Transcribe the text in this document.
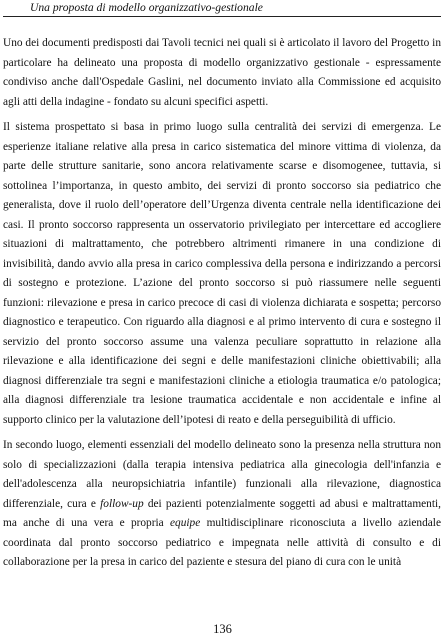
Una proposta di modello organizzativo-gestionale

Uno dei documenti predisposti dai Tavoli tecnici nei quali si è articolato il lavoro del Progetto in particolare ha delineato una proposta di modello organizzativo gestionale - espressamente condiviso anche dall'Ospedale Gaslini, nel documento inviato alla Commissione ed acquisito agli atti della indagine - fondato su alcuni specifici aspetti.

Il sistema prospettato si basa in primo luogo sulla centralità dei servizi di emergenza. Le esperienze italiane relative alla presa in carico sistematica del minore vittima di violenza, da parte delle strutture sanitarie, sono ancora relativamente scarse e disomogenee, tuttavia, si sottolinea l’importanza, in questo ambito, dei servizi di pronto soccorso sia pediatrico che generalista, dove il ruolo dell’operatore dell’Urgenza diventa centrale nella identificazione dei casi. Il pronto soccorso rappresenta un osservatorio privilegiato per intercettare ed accogliere situazioni di maltrattamento, che potrebbero altrimenti rimanere in una condizione di invisibilità, dando avvio alla presa in carico complessiva della persona e indirizzando a percorsi di sostegno e protezione. L’azione del pronto soccorso si può riassumere nelle seguenti funzioni: rilevazione e presa in carico precoce di casi di violenza dichiarata e sospetta; percorso diagnostico e terapeutico. Con riguardo alla diagnosi e al primo intervento di cura e sostegno il servizio del pronto soccorso assume una valenza peculiare soprattutto in relazione alla rilevazione e alla identificazione dei segni e delle manifestazioni cliniche obiettivabili; alla diagnosi differenziale tra segni e manifestazioni cliniche a etiologia traumatica e/o patologica; alla diagnosi differenziale tra lesione traumatica accidentale e non accidentale e infine al supporto clinico per la valutazione dell’ipotesi di reato e della perseguibilità di ufficio.

In secondo luogo, elementi essenziali del modello delineato sono la presenza nella struttura non solo di specializzazioni (dalla terapia intensiva pediatrica alla ginecologia dell'infanzia e dell'adolescenza alla neuropsichiatria infantile) funzionali alla rilevazione, diagnostica differenziale, cura e follow-up dei pazienti potenzialmente soggetti ad abusi e maltrattamenti, ma anche di una vera e propria equipe multidisciplinare riconosciuta a livello aziendale coordinata dal pronto soccorso pediatrico e impegnata nelle attività di consulto e di collaborazione per la presa in carico del paziente e stesura del piano di cura con le unità

136
